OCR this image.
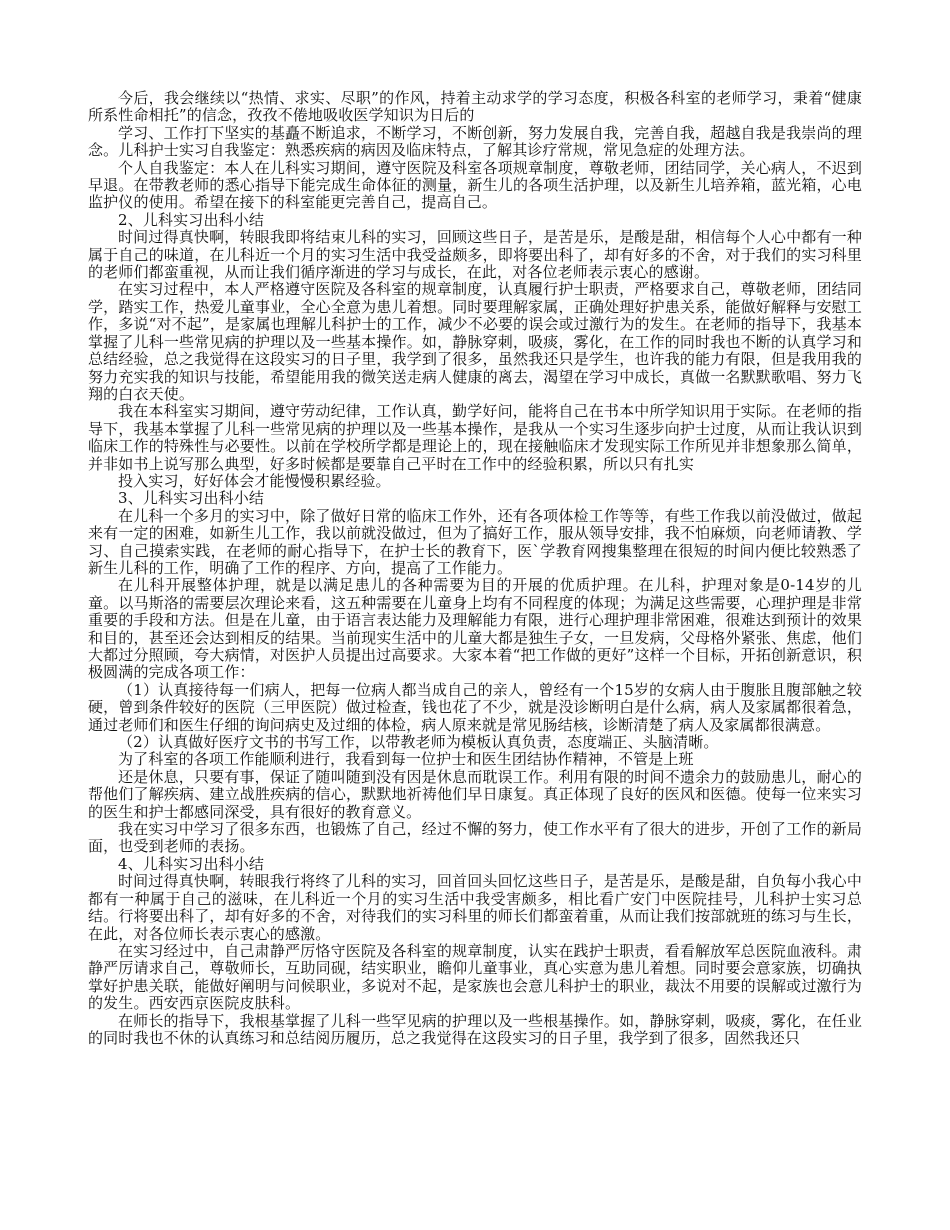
今后，我会继续以“热情、求实、尽职”的作风，持着主动求学的学习态度，积极各科室的老师学习，秉着“健康所系性命相托”的信念，孜孜不倦地吸收医学知识为日后的

学习、工作打下坚实的基矗不断追求，不断学习，不断创新，努力发展自我，完善自我，超越自我是我崇尚的理念。儿科护士实习自我鉴定：熟悉疾病的病因及临床特点，了解其诊疗常规，常见急症的处理方法。

个人自我鉴定：本人在儿科实习期间，遵守医院及科室各项规章制度，尊敬老师，团结同学，关心病人，不迟到早退。在带教老师的悉心指导下能完成生命体征的测量，新生儿的各项生活护理，以及新生儿培养箱，蓝光箱，心电监护仪的使用。希望在接下的科室能更完善自己，提高自己。

2、儿科实习出科小结

时间过得真快啊，转眼我即将结束儿科的实习，回顾这些日子，是苦是乐，是酸是甜，相信每个人心中都有一种属于自己的味道，在儿科近一个月的实习生活中我受益颇多，即将要出科了，却有好多的不舍，对于我们的实习科里的老师们都蛮重视，从而让我们循序渐进的学习与成长，在此，对各位老师表示衷心的感谢。

在实习过程中，本人严格遵守医院及各科室的规章制度，认真履行护士职责，严格要求自己，尊敬老师，团结同学，踏实工作，热爱儿童事业，全心全意为患儿着想。同时要理解家属，正确处理好护患关系，能做好解释与安慰工作，多说“对不起”，是家属也理解儿科护士的工作，减少不必要的误会或过激行为的发生。在老师的指导下，我基本掌握了儿科一些常见病的护理以及一些基本操作。如，静脉穿刺，吸痰，雾化，在工作的同时我也不断的认真学习和总结经验，总之我觉得在这段实习的日子里，我学到了很多，虽然我还只是学生，也许我的能力有限，但是我用我的努力充实我的知识与技能，希望能用我的微笑送走病人健康的离去，渴望在学习中成长，真做一名默默歌唱、努力飞翔的白衣天使。

我在本科室实习期间，遵守劳动纪律，工作认真，勤学好问，能将自己在书本中所学知识用于实际。在老师的指导下，我基本掌握了儿科一些常见病的护理以及一些基本操作，是我从一个实习生逐步向护士过度，从而让我认识到临床工作的特殊性与必要性。以前在学校所学都是理论上的，现在接触临床才发现实际工作所见并非想象那么简单，并非如书上说写那么典型，好多时候都是要靠自己平时在工作中的经验积累，所以只有扎实

投入实习，好好体会才能慢慢积累经验。

3、儿科实习出科小结

在儿科一个多月的实习中，除了做好日常的临床工作外，还有各项体检工作等等，有些工作我以前没做过，做起来有一定的困难，如新生儿工作，我以前就没做过，但为了搞好工作，服从领导安排，我不怕麻烦，向老师请教、学习、自己摸索实践，在老师的耐心指导下，在护士长的教育下，医`学教育网搜集整理在很短的时间内便比较熟悉了新生儿科的工作，明确了工作的程序、方向，提高了工作能力。

在儿科开展整体护理，就是以满足患儿的各种需要为目的开展的优质护理。在儿科，护理对象是0-14岁的儿童。以马斯洛的需要层次理论来看，这五种需要在儿童身上均有不同程度的体现；为满足这些需要，心理护理是非常重要的手段和方法。但是在儿童，由于语言表达能力及理解能力有限，进行心理护理非常困难，很难达到预计的效果和目的，甚至还会达到相反的结果。当前现实生活中的儿童大都是独生子女，一旦发病，父母格外紧张、焦虑，他们大都过分照顾，夸大病情，对医护人员提出过高要求。大家本着“把工作做的更好”这样一个目标，开拓创新意识，积极圆满的完成各项工作：

（1）认真接待每一们病人，把每一位病人都当成自己的亲人，曾经有一个15岁的女病人由于腹胀且腹部触之较硬，曾到条件较好的医院（三甲医院）做过检查，钱也花了不少，就是没诊断明白是什么病，病人及家属都很着急，通过老师们和医生仔细的询问病史及过细的体检，病人原来就是常见肠结核，诊断清楚了病人及家属都很满意。

（2）认真做好医疗文书的书写工作，以带教老师为模板认真负责，态度端正、头脑清晰。

为了科室的各项工作能顺利进行，我看到每一位护士和医生团结协作精神，不管是上班

还是休息，只要有事，保证了随叫随到没有因是休息而耽误工作。利用有限的时间不遗余力的鼓励患儿，耐心的帮他们了解疾病、建立战胜疾病的信心，默默地祈祷他们早日康复。真正体现了良好的医风和医德。使每一位来实习的医生和护士都感同深受，具有很好的教育意义。

我在实习中学习了很多东西，也锻炼了自己，经过不懈的努力，使工作水平有了很大的进步，开创了工作的新局面，也受到老师的表扬。

4、儿科实习出科小结

时间过得真快啊，转眼我行将终了儿科的实习，回首回头回忆这些日子，是苦是乐，是酸是甜，自负每小我心中都有一种属于自己的滋味，在儿科近一个月的实习生活中我受害颇多，相比看广安门中医院挂号，儿科护士实习总结。行将要出科了，却有好多的不舍，对待我们的实习科里的师长们都蛮着重，从而让我们按部就班的练习与生长，在此，对各位师长表示衷心的感激。

在实习经过中，自己肃静严厉恪守医院及各科室的规章制度，认实在践护士职责，看看解放军总医院血液科。肃静严厉请求自己，尊敬师长，互助同砚，结实职业，瞻仰儿童事业，真心实意为患儿着想。同时要会意家族，切确执掌好护患关联，能做好阐明与问候职业，多说对不起，是家族也会意儿科护士的职业，裁汰不用要的误解或过激行为的发生。西安西京医院皮肤科。

在师长的指导下，我根基掌握了儿科一些罕见病的护理以及一些根基操作。如，静脉穿刺，吸痰，雾化，在任业的同时我也不休的认真练习和总结阅历履历，总之我觉得在这段实习的日子里，我学到了很多，固然我还只
